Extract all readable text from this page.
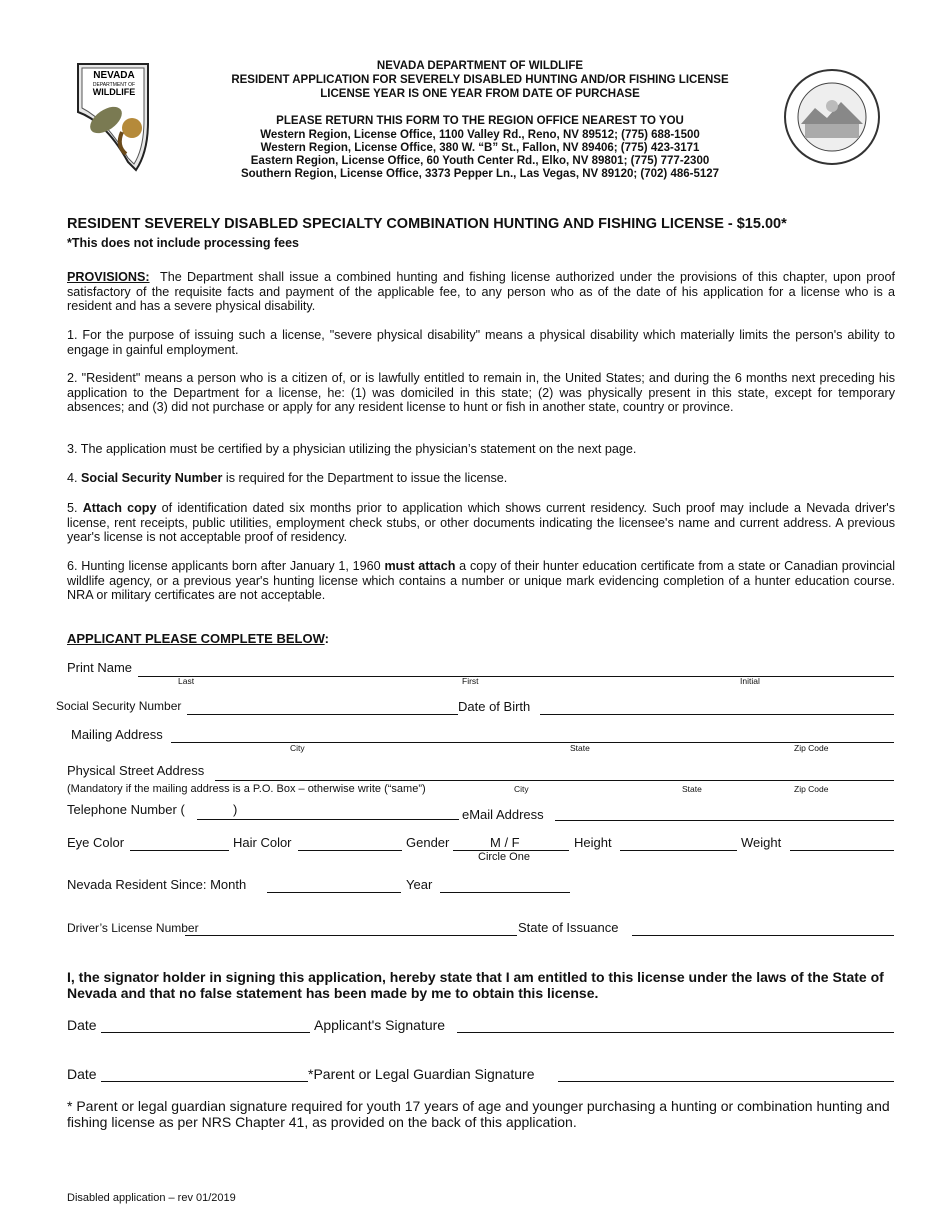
NEVADA
DEPARTMENT OF
WILDLIFE
NEVADA DEPARTMENT OF WILDLIFE
RESIDENT APPLICATION FOR SEVERELY DISABLED HUNTING AND/OR FISHING LICENSE
LICENSE YEAR IS ONE YEAR FROM DATE OF PURCHASE
PLEASE RETURN THIS FORM TO THE REGION OFFICE NEAREST TO YOU
Western Region, License Office, 1100 Valley Rd., Reno, NV 89512; (775) 688-1500
Western Region, License Office, 380 W. “B” St., Fallon, NV 89406; (775) 423-3171
Eastern Region, License Office, 60 Youth Center Rd., Elko, NV 89801; (775) 777-2300
Southern Region, License Office, 3373 Pepper Ln., Las Vegas, NV 89120; (702) 486-5127
RESIDENT SEVERELY DISABLED SPECIALTY COMBINATION HUNTING AND FISHING LICENSE - $15.00*
*This does not include processing fees
PROVISIONS: The Department shall issue a combined hunting and fishing license authorized under the provisions of this chapter, upon proof satisfactory of the requisite facts and payment of the applicable fee, to any person who as of the date of his application for a license who is a resident and has a severe physical disability.
1. For the purpose of issuing such a license, "severe physical disability" means a physical disability which materially limits the person's ability to engage in gainful employment.
2. "Resident" means a person who is a citizen of, or is lawfully entitled to remain in, the United States; and during the 6 months next preceding his application to the Department for a license, he: (1) was domiciled in this state; (2) was physically present in this state, except for temporary absences; and (3) did not purchase or apply for any resident license to hunt or fish in another state, country or province.
3. The application must be certified by a physician utilizing the physician’s statement on the next page.
4. Social Security Number is required for the Department to issue the license.
5. Attach copy of identification dated six months prior to application which shows current residency. Such proof may include a Nevada driver's license, rent receipts, public utilities, employment check stubs, or other documents indicating the licensee's name and current address. A previous year's license is not acceptable proof of residency.
6. Hunting license applicants born after January 1, 1960 must attach a copy of their hunter education certificate from a state or Canadian provincial wildlife agency, or a previous year's hunting license which contains a number or unique mark evidencing completion of a hunter education course. NRA or military certificates are not acceptable.
APPLICANT PLEASE COMPLETE BELOW:
Print Name
Last	First	Initial
Social Security Number	Date of Birth
Mailing Address
City	State	Zip Code
Physical Street Address
(Mandatory if the mailing address is a P.O. Box – otherwise write (“same”)	City	State	Zip Code
Telephone Number (	)	eMail Address
Eye Color	Hair Color	Gender	M / F
Circle One
Height	Weight
Nevada Resident Since: Month	Year
Driver’s License Number	State of Issuance
I, the signator holder in signing this application, hereby state that I am entitled to this license under the laws of the State of Nevada and that no false statement has been made by me to obtain this license.
Date	Applicant's Signature
Date	*Parent or Legal Guardian Signature
* Parent or legal guardian signature required for youth 17 years of age and younger purchasing a hunting or combination hunting and fishing license as per NRS Chapter 41, as provided on the back of this application.
Disabled application – rev 01/2019
